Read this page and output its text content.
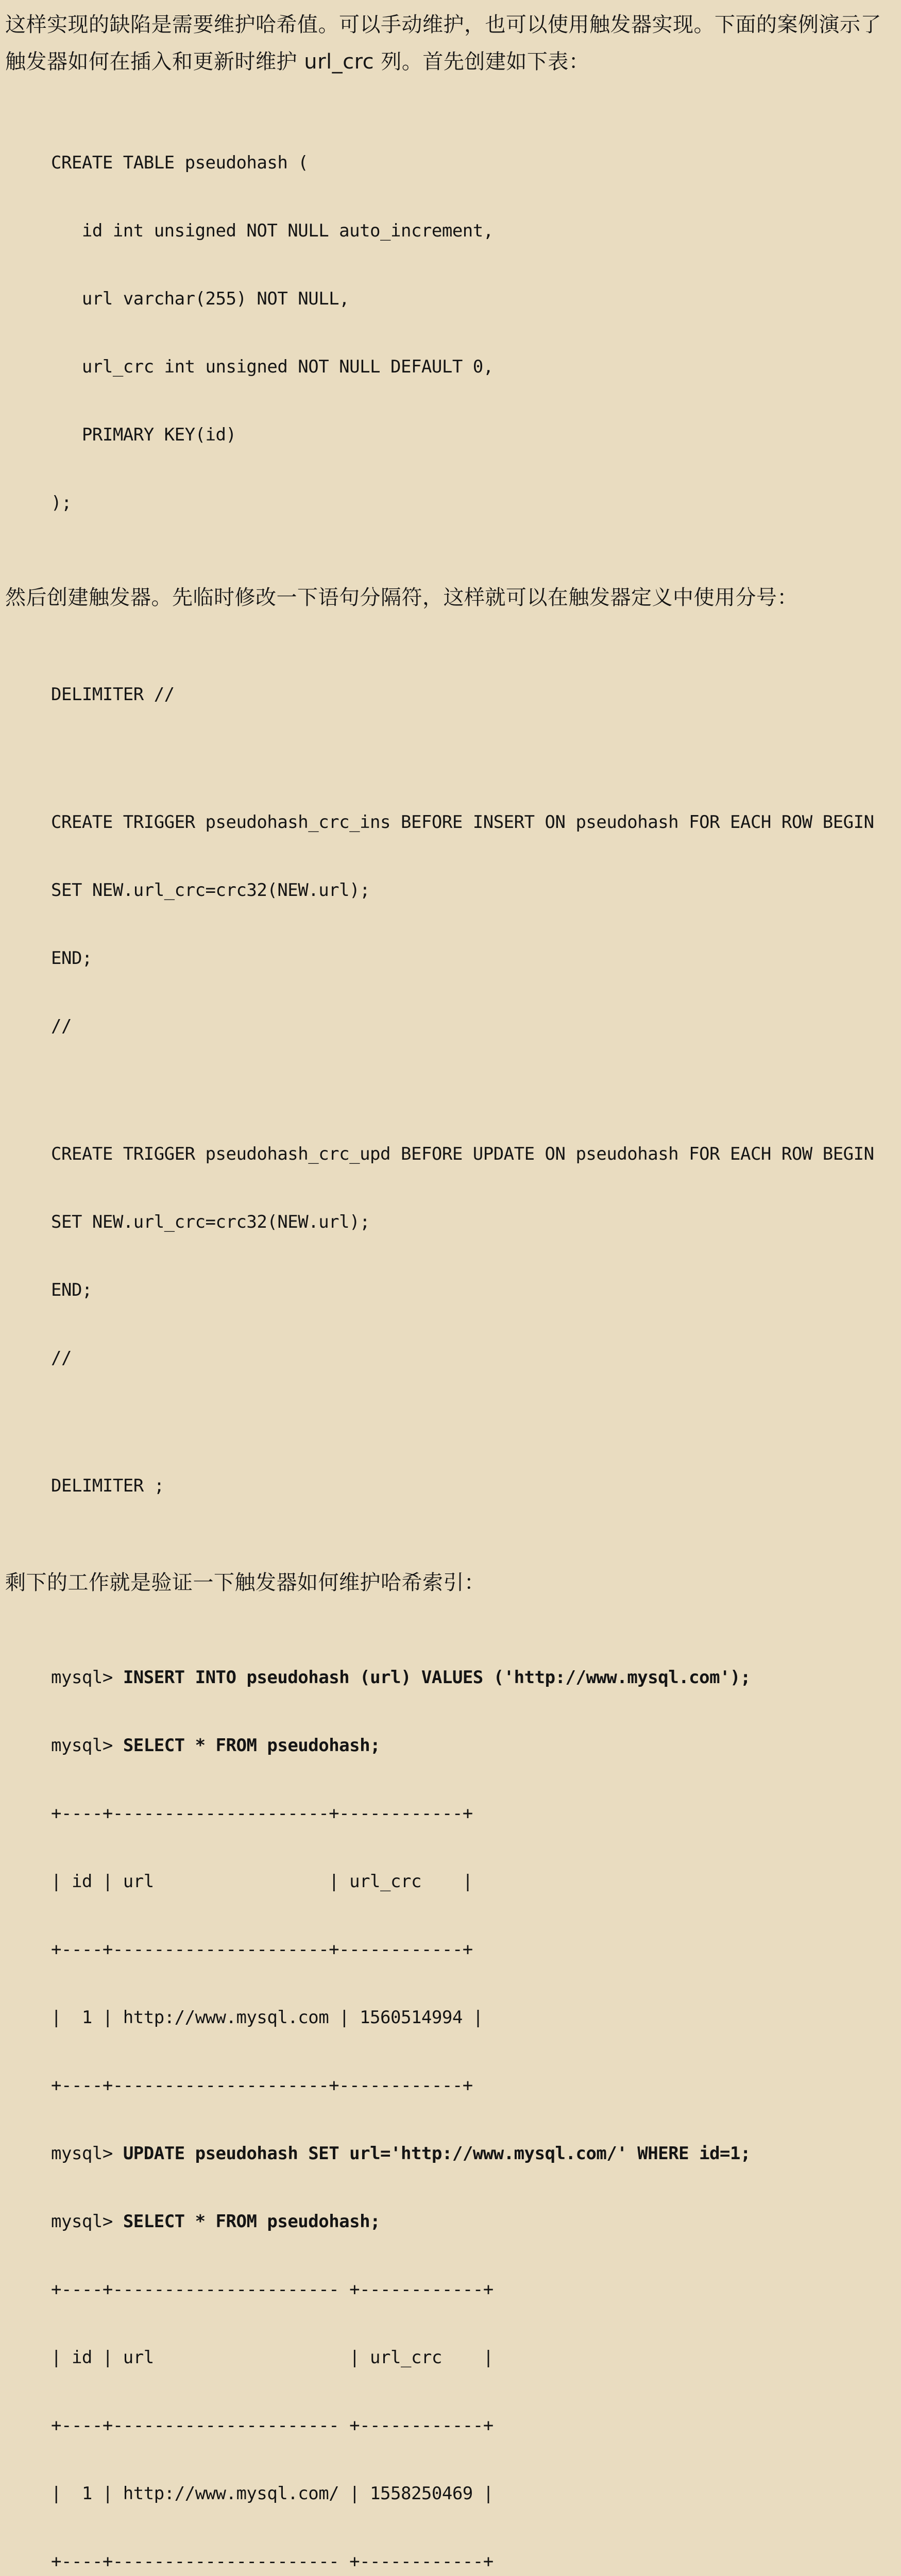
这样实现的缺陷是需要维护哈希值。可以手动维护，也可以使用触发器实现。下面的案例演示了触发器如何在插入和更新时维护 url_crc 列。首先创建如下表：

CREATE TABLE pseudohash (

id int unsigned NOT NULL auto_increment,

url varchar(255) NOT NULL,

url_crc int unsigned NOT NULL DEFAULT 0,

PRIMARY KEY(id)

);

然后创建触发器。先临时修改一下语句分隔符，这样就可以在触发器定义中使用分号：

DELIMITER //

CREATE TRIGGER pseudohash_crc_ins BEFORE INSERT ON pseudohash FOR EACH ROW BEGIN

SET NEW.url_crc=crc32(NEW.url);

END;

//

CREATE TRIGGER pseudohash_crc_upd BEFORE UPDATE ON pseudohash FOR EACH ROW BEGIN

SET NEW.url_crc=crc32(NEW.url);

END;

//

DELIMITER ;

剩下的工作就是验证一下触发器如何维护哈希索引：

mysql> INSERT INTO pseudohash (url) VALUES ('http://www.mysql.com');

mysql> SELECT * FROM pseudohash;

+----+---------------------+------------+

| id | url                 | url_crc    |

+----+---------------------+------------+

|  1 | http://www.mysql.com | 1560514994 |

+----+---------------------+------------+

mysql> UPDATE pseudohash SET url='http://www.mysql.com/' WHERE id=1;

mysql> SELECT * FROM pseudohash;

+----+---------------------- +------------+

| id | url                   | url_crc    |

+----+---------------------- +------------+

|  1 | http://www.mysql.com/ | 1558250469 |

+----+---------------------- +------------+
